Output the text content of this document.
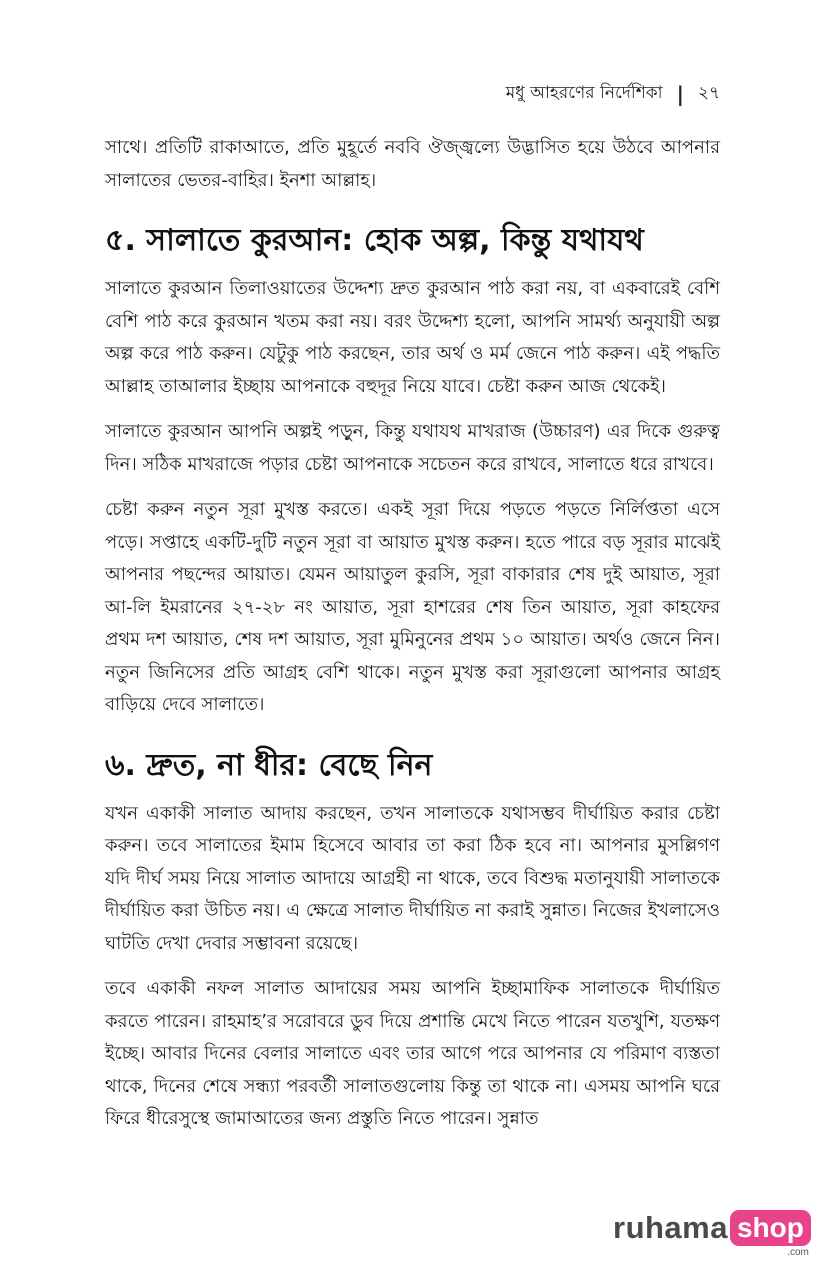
মধু আহরণের নির্দেশিকা | ২৭

সাথে। প্রতিটি রাকাআতে, প্রতি মুহূর্তে নববি ঔজ্জ্বল্যে উদ্ভাসিত হয়ে উঠবে আপনার সালাতের ভেতর-বাহির। ইনশা আল্লাহ।

৫. সালাতে কুরআন: হোক অল্প, কিন্তু যথাযথ

সালাতে কুরআন তিলাওয়াতের উদ্দেশ্য দ্রুত কুরআন পাঠ করা নয়, বা একবারেই বেশি বেশি পাঠ করে কুরআন খতম করা নয়। বরং উদ্দেশ্য হলো, আপনি সামর্থ্য অনুযায়ী অল্প অল্প করে পাঠ করুন। যেটুকু পাঠ করছেন, তার অর্থ ও মর্ম জেনে পাঠ করুন। এই পদ্ধতি আল্লাহ তাআলার ইচ্ছায় আপনাকে বহুদূর নিয়ে যাবে। চেষ্টা করুন আজ থেকেই।

সালাতে কুরআন আপনি অল্পই পড়ুন, কিন্তু যথাযথ মাখরাজ (উচ্চারণ) এর দিকে গুরুত্ব দিন। সঠিক মাখরাজে পড়ার চেষ্টা আপনাকে সচেতন করে রাখবে, সালাতে ধরে রাখবে।

চেষ্টা করুন নতুন সূরা মুখস্ত করতে। একই সূরা দিয়ে পড়তে পড়তে নির্লিপ্ততা এসে পড়ে। সপ্তাহে একটি-দুটি নতুন সূরা বা আয়াত মুখস্ত করুন। হতে পারে বড় সূরার মাঝেই আপনার পছন্দের আয়াত। যেমন আয়াতুল কুরসি, সূরা বাকারার শেষ দুই আয়াত, সূরা আ-লি ইমরানের ২৭-২৮ নং আয়াত, সূরা হাশরের শেষ তিন আয়াত, সূরা কাহফের প্রথম দশ আয়াত, শেষ দশ আয়াত, সূরা মুমিনুনের প্রথম ১০ আয়াত। অর্থও জেনে নিন। নতুন জিনিসের প্রতি আগ্রহ বেশি থাকে। নতুন মুখস্ত করা সূরাগুলো আপনার আগ্রহ বাড়িয়ে দেবে সালাতে।

৬. দ্রুত, না ধীর: বেছে নিন

যখন একাকী সালাত আদায় করছেন, তখন সালাতকে যথাসম্ভব দীর্ঘায়িত করার চেষ্টা করুন। তবে সালাতের ইমাম হিসেবে আবার তা করা ঠিক হবে না। আপনার মুসল্লিগণ যদি দীর্ঘ সময় নিয়ে সালাত আদায়ে আগ্রহী না থাকে, তবে বিশুদ্ধ মতানুযায়ী সালাতকে দীর্ঘায়িত করা উচিত নয়। এ ক্ষেত্রে সালাত দীর্ঘায়িত না করাই সুন্নাত। নিজের ইখলাসেও ঘাটতি দেখা দেবার সম্ভাবনা রয়েছে।

তবে একাকী নফল সালাত আদায়ের সময় আপনি ইচ্ছামাফিক সালাতকে দীর্ঘায়িত করতে পারেন। রাহমাহ’র সরোবরে ডুব দিয়ে প্রশান্তি মেখে নিতে পারেন যতখুশি, যতক্ষণ ইচ্ছে। আবার দিনের বেলার সালাতে এবং তার আগে পরে আপনার যে পরিমাণ ব্যস্ততা থাকে, দিনের শেষে সন্ধ্যা পরবর্তী সালাতগুলোয় কিন্তু তা থাকে না। এসময় আপনি ঘরে ফিরে ধীরেসুস্থে জামাআতের জন্য প্রস্তুতি নিতে পারেন। সুন্নাত

ruhama shop
.com
